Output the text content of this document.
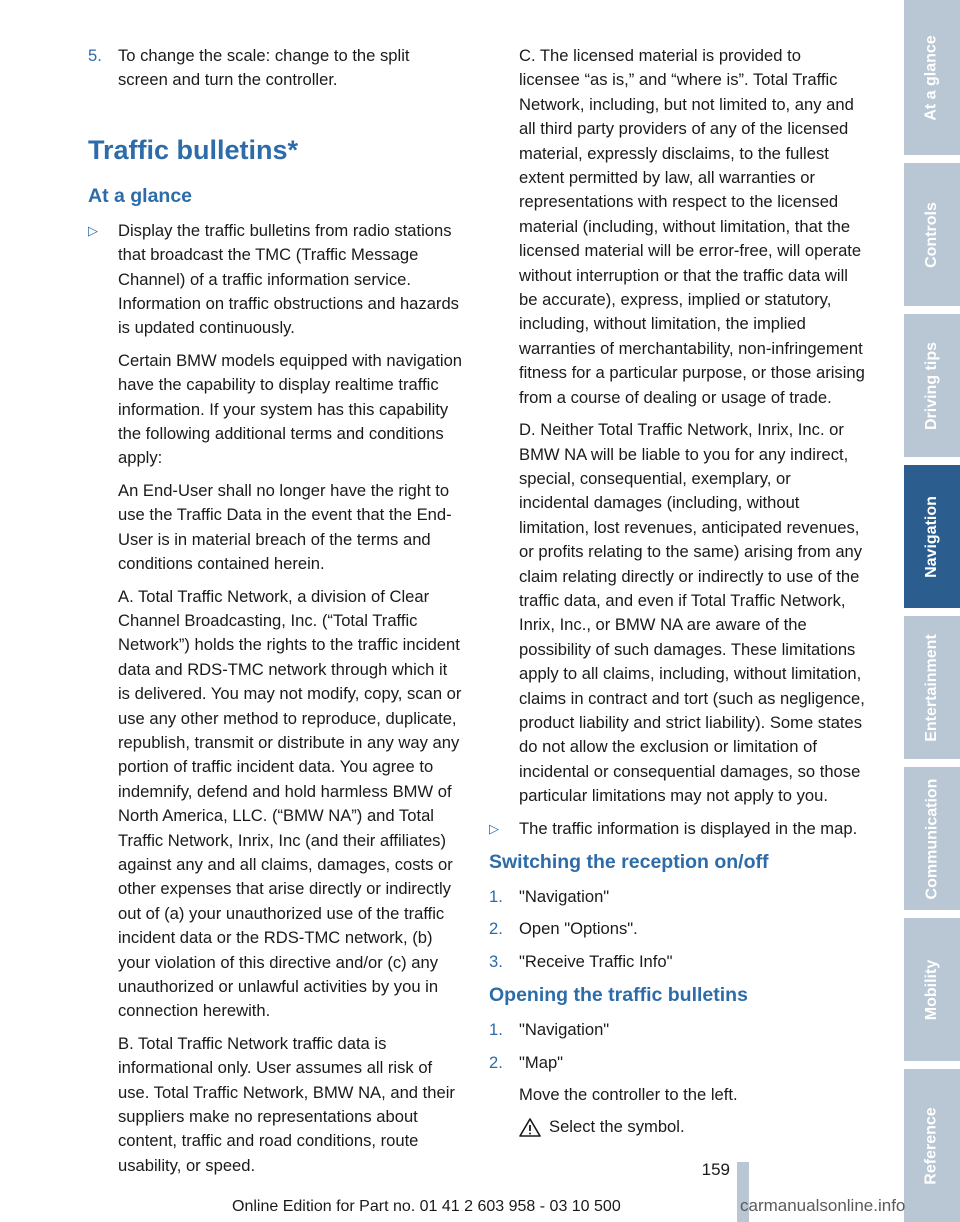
5. To change the scale: change to the split screen and turn the controller.
Traffic bulletins*
At a glance
▷ Display the traffic bulletins from radio stations that broadcast the TMC (Traffic Message Channel) of a traffic information service. Information on traffic obstructions and hazards is updated continuously.

Certain BMW models equipped with navigation have the capability to display realtime traffic information. If your system has this capability the following additional terms and conditions apply:

An End-User shall no longer have the right to use the Traffic Data in the event that the End-User is in material breach of the terms and conditions contained herein.

A. Total Traffic Network, a division of Clear Channel Broadcasting, Inc. (“Total Traffic Network”) holds the rights to the traffic incident data and RDS-TMC network through which it is delivered. You may not modify, copy, scan or use any other method to reproduce, duplicate, republish, transmit or distribute in any way any portion of traffic incident data. You agree to indemnify, defend and hold harmless BMW of North America, LLC. (“BMW NA”) and Total Traffic Network, Inrix, Inc (and their affiliates) against any and all claims, damages, costs or other expenses that arise directly or indirectly out of (a) your unauthorized use of the traffic incident data or the RDS-TMC network, (b) your violation of this directive and/or (c) any unauthorized or unlawful activities by you in connection herewith.

B. Total Traffic Network traffic data is informational only. User assumes all risk of use. Total Traffic Network, BMW NA, and their suppliers make no representations about content, traffic and road conditions, route usability, or speed.

C. The licensed material is provided to licensee “as is,” and “where is”. Total Traffic Network, including, but not limited to, any and all third party providers of any of the licensed material, expressly disclaims, to the fullest extent permitted by law, all warranties or representations with respect to the licensed material (including, without limitation, that the licensed material will be error-free, will operate without interruption or that the traffic data will be accurate), express, implied or statutory, including, without limitation, the implied warranties of merchantability, non-infringement fitness for a particular purpose, or those arising from a course of dealing or usage of trade.

D. Neither Total Traffic Network, Inrix, Inc. or BMW NA will be liable to you for any indirect, special, consequential, exemplary, or incidental damages (including, without limitation, lost revenues, anticipated revenues, or profits relating to the same) arising from any claim relating directly or indirectly to use of the traffic data, and even if Total Traffic Network, Inrix, Inc., or BMW NA are aware of the possibility of such damages. These limitations apply to all claims, including, without limitation, claims in contract and tort (such as negligence, product liability and strict liability). Some states do not allow the exclusion or limitation of incidental or consequential damages, so those particular limitations may not apply to you.

▷ The traffic information is displayed in the map.
Switching the reception on/off
1. "Navigation"
2. Open "Options".
3. "Receive Traffic Info"
Opening the traffic bulletins
1. "Navigation"
2. "Map"

Move the controller to the left.

Select the symbol.
At a glance
Controls
Driving tips
Navigation
Entertainment
Communication
Mobility
Reference
159
Online Edition for Part no. 01 41 2 603 958 - 03 10 500	carmanualsonline.info
